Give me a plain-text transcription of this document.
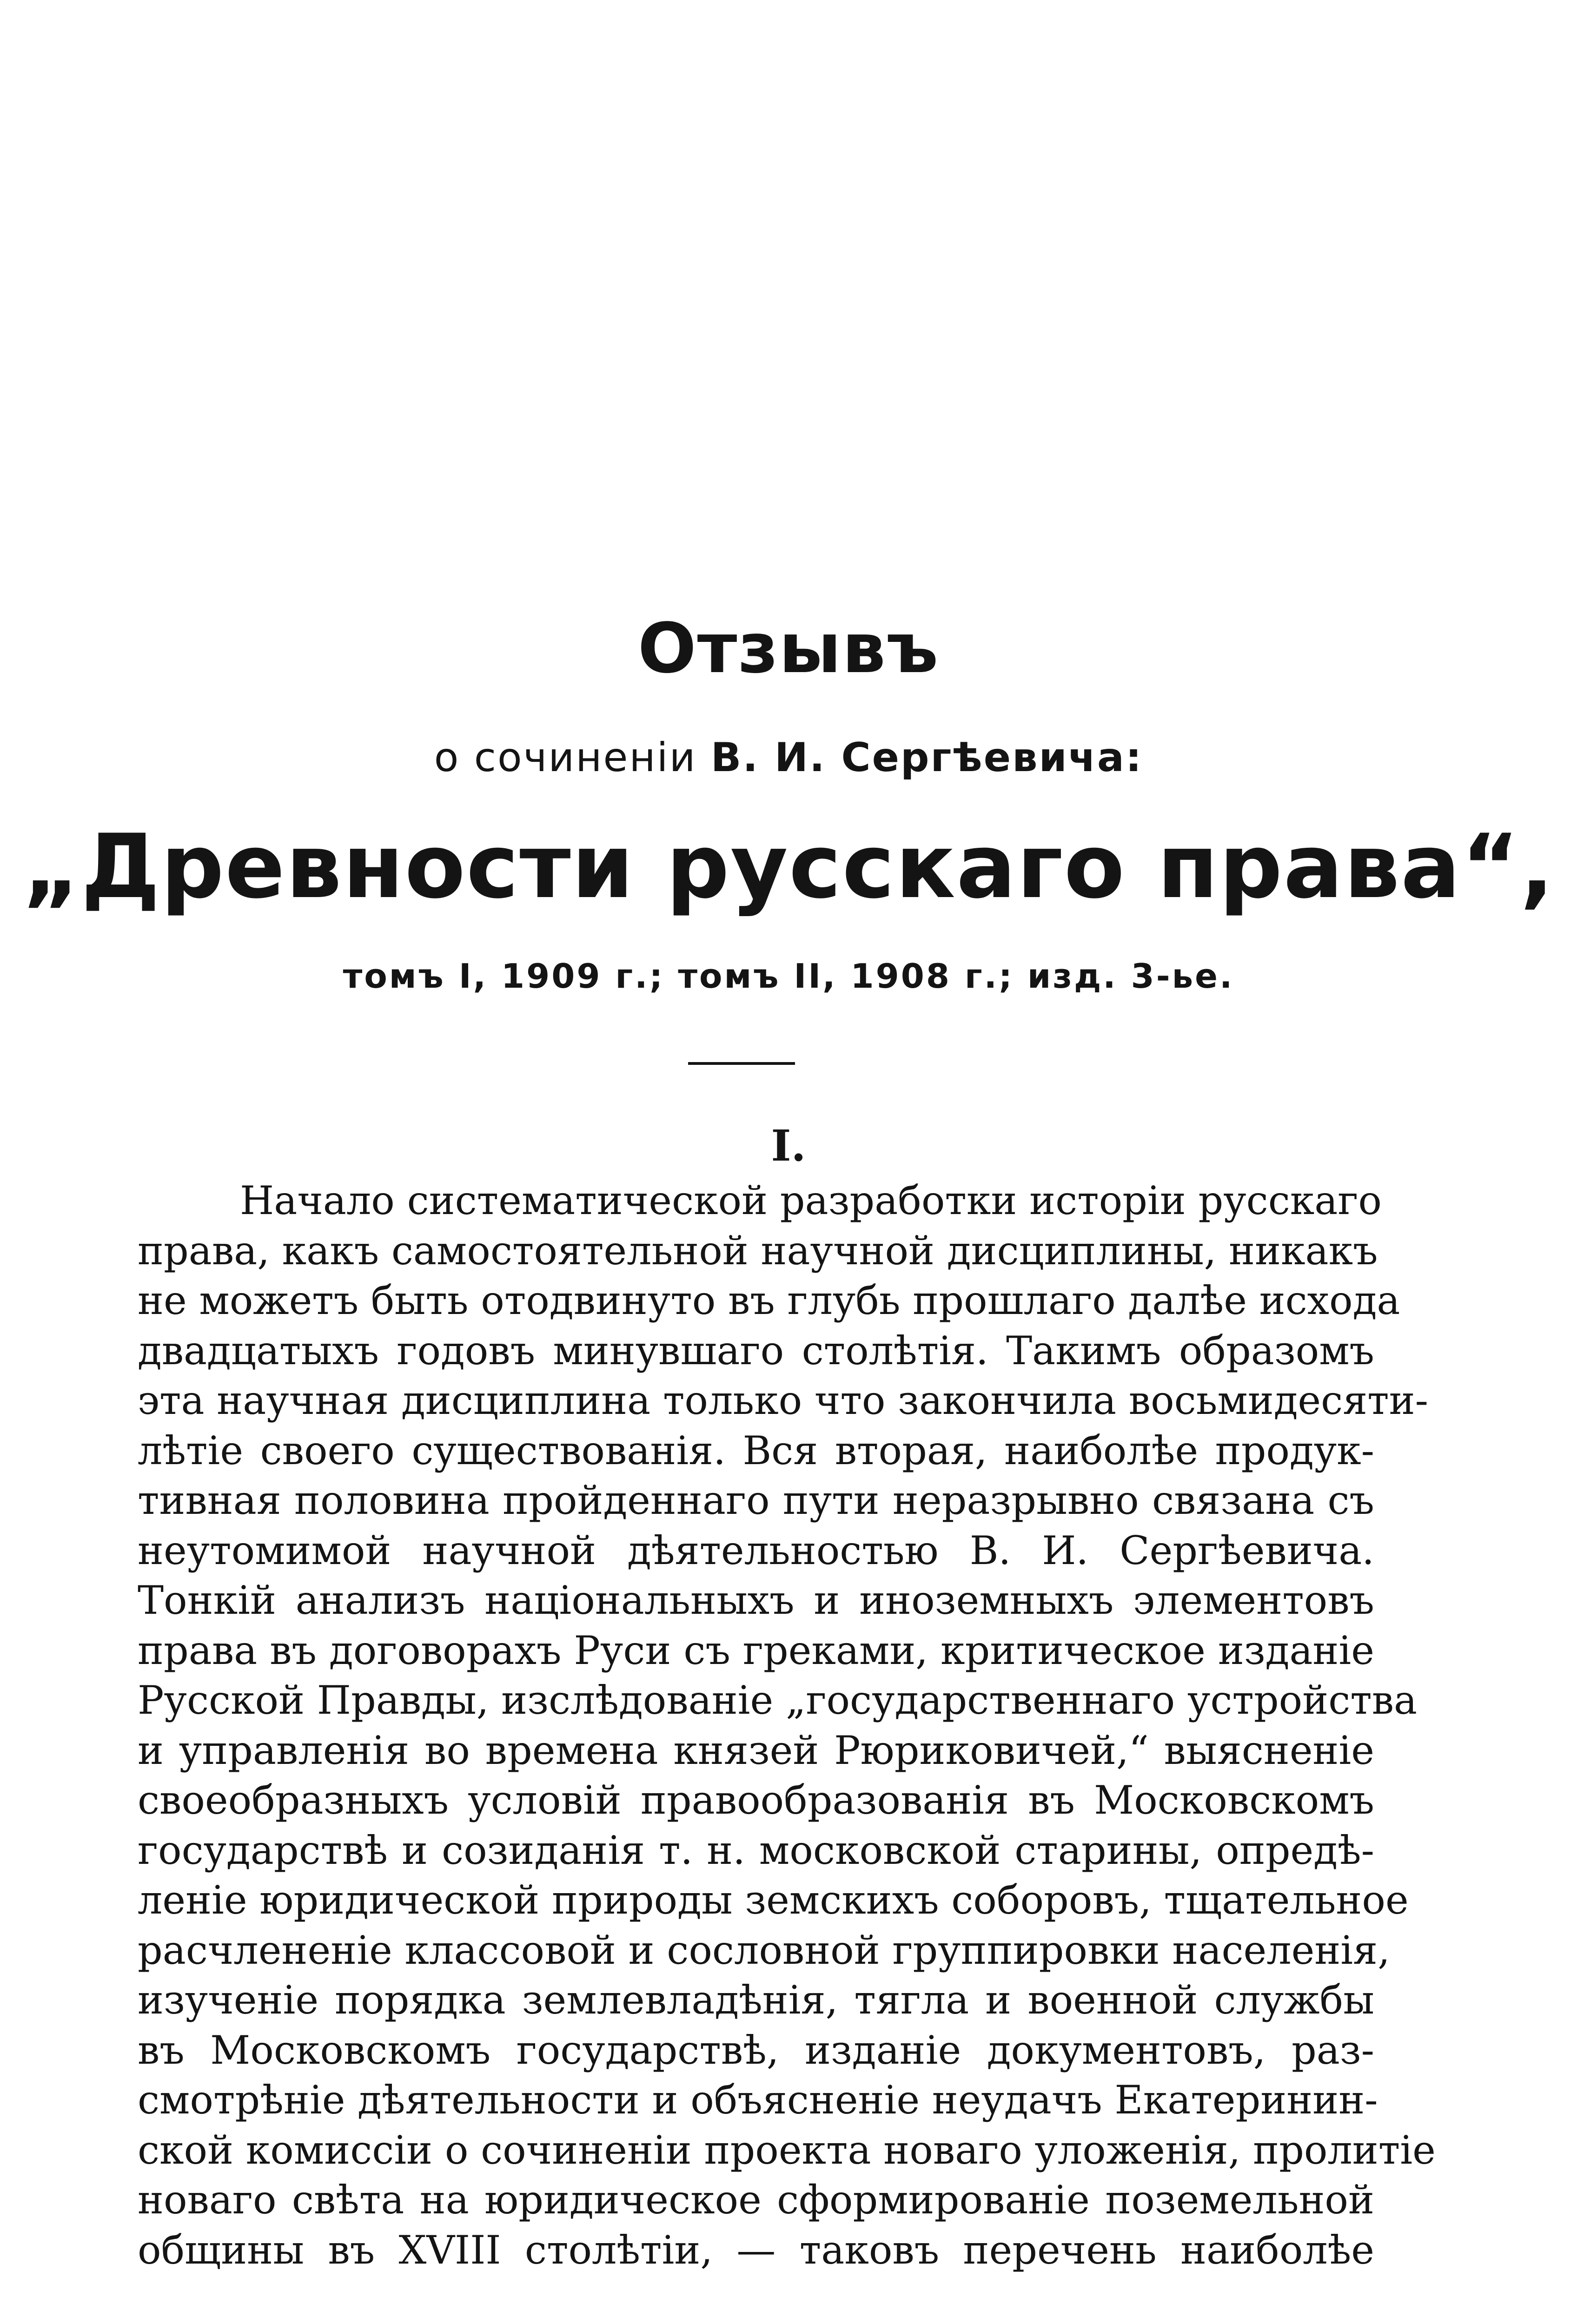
Отзывъ
о сочиненіи В. И. Сергѣевича:
„Древности русскаго права“,
томъ I, 1909 г.; томъ II, 1908 г.; изд. 3-ье.
I.
Начало систематической разработки исторіи русскаго
права, какъ самостоятельной научной дисциплины, никакъ
не можетъ быть отодвинуто въ глубь прошлаго далѣе исхода
двадцатыхъ годовъ минувшаго столѣтія. Такимъ образомъ
эта научная дисциплина только что закончила восьмидесяти-
лѣтіе своего существованія. Вся вторая, наиболѣе продук-
тивная половина пройденнаго пути неразрывно связана съ
неутомимой научной дѣятельностью В. И. Сергѣевича.
Тонкій анализъ національныхъ и иноземныхъ элементовъ
права въ договорахъ Руси съ греками, критическое изданіе
Русской Правды, изслѣдованіе „государственнаго устройства
и управленія во времена князей Рюриковичей,“ выясненіе
своеобразныхъ условій правообразованія въ Московскомъ
государствѣ и созиданія т. н. московской старины, опредѣ-
леніе юридической природы земскихъ соборовъ, тщательное
расчлененіе классовой и сословной группировки населенія,
изученіе порядка землевладѣнія, тягла и военной службы
въ Московскомъ государствѣ, изданіе документовъ, раз-
смотрѣніе дѣятельности и объясненіе неудачъ Екатеринин-
ской комиссіи о сочиненіи проекта новаго уложенія, пролитіе
новаго свѣта на юридическое сформированіе поземельной
общины въ XVIII столѣтіи, — таковъ перечень наиболѣе
